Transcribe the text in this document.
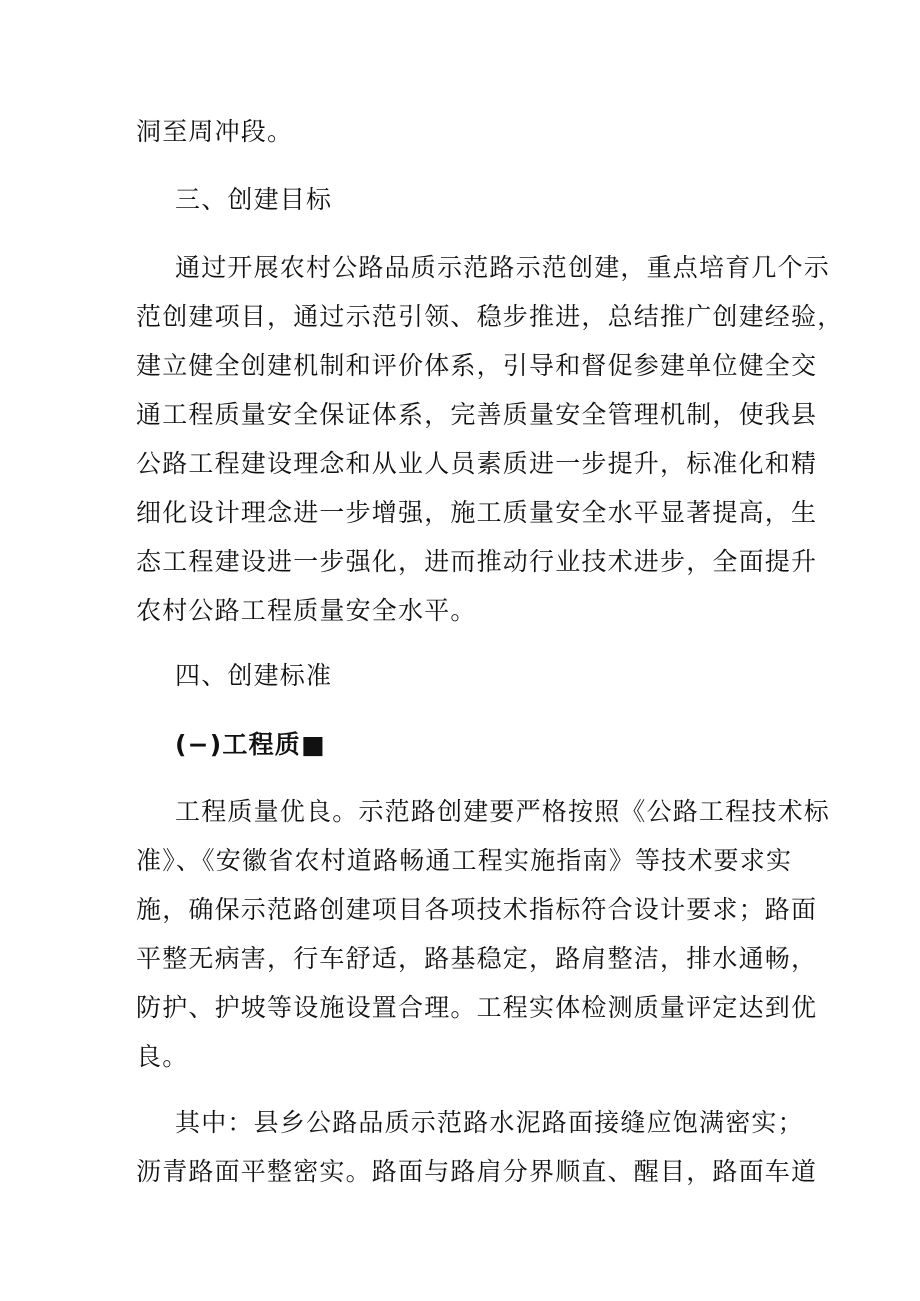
洞至周冲段。
三、创建目标
通过开展农村公路品质示范路示范创建，重点培育几个示
范创建项目，通过示范引领、稳步推进，总结推广创建经验，
建立健全创建机制和评价体系，引导和督促参建单位健全交
通工程质量安全保证体系，完善质量安全管理机制，使我县
公路工程建设理念和从业人员素质进一步提升，标准化和精
细化设计理念进一步增强，施工质量安全水平显著提高，生
态工程建设进一步强化，进而推动行业技术进步，全面提升
农村公路工程质量安全水平。
四、创建标准
(−)工程质■
工程质量优良。示范路创建要严格按照《公路工程技术标
准》、《安徽省农村道路畅通工程实施指南》等技术要求实
施，确保示范路创建项目各项技术指标符合设计要求；路面
平整无病害，行车舒适，路基稳定，路肩整洁，排水通畅，
防护、护坡等设施设置合理。工程实体检测质量评定达到优
良。
其中：县乡公路品质示范路水泥路面接缝应饱满密实；
沥青路面平整密实。路面与路肩分界顺直、醒目，路面车道
